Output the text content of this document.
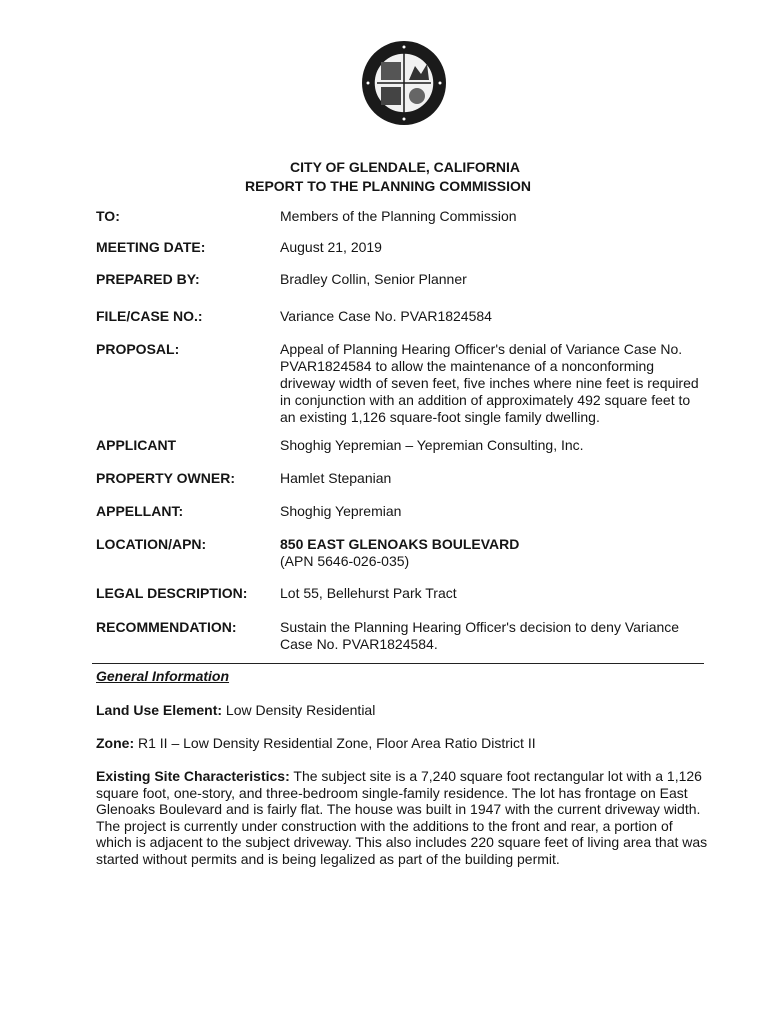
CITY OF GLENDALE, CALIFORNIA
REPORT TO THE PLANNING COMMISSION
TO:	Members of the Planning Commission
MEETING DATE:	August 21, 2019
PREPARED BY:	Bradley Collin, Senior Planner
FILE/CASE NO.:	Variance Case No. PVAR1824584
PROPOSAL:	Appeal of Planning Hearing Officer's denial of Variance Case No. PVAR1824584 to allow the maintenance of a nonconforming driveway width of seven feet, five inches where nine feet is required in conjunction with an addition of approximately 492 square feet to an existing 1,126 square-foot single family dwelling.
APPLICANT	Shoghig Yepremian – Yepremian Consulting, Inc.
PROPERTY OWNER:	Hamlet Stepanian
APPELLANT:	Shoghig Yepremian
LOCATION/APN:	850 EAST GLENOAKS BOULEVARD
(APN 5646-026-035)
LEGAL DESCRIPTION: Lot 55, Bellehurst Park Tract
RECOMMENDATION:	Sustain the Planning Hearing Officer's decision to deny Variance Case No. PVAR1824584.
General Information
Land Use Element: Low Density Residential
Zone: R1 II – Low Density Residential Zone, Floor Area Ratio District II
Existing Site Characteristics: The subject site is a 7,240 square foot rectangular lot with a 1,126 square foot, one-story, and three-bedroom single-family residence. The lot has frontage on East Glenoaks Boulevard and is fairly flat. The house was built in 1947 with the current driveway width. The project is currently under construction with the additions to the front and rear, a portion of which is adjacent to the subject driveway. This also includes 220 square feet of living area that was started without permits and is being legalized as part of the building permit.
